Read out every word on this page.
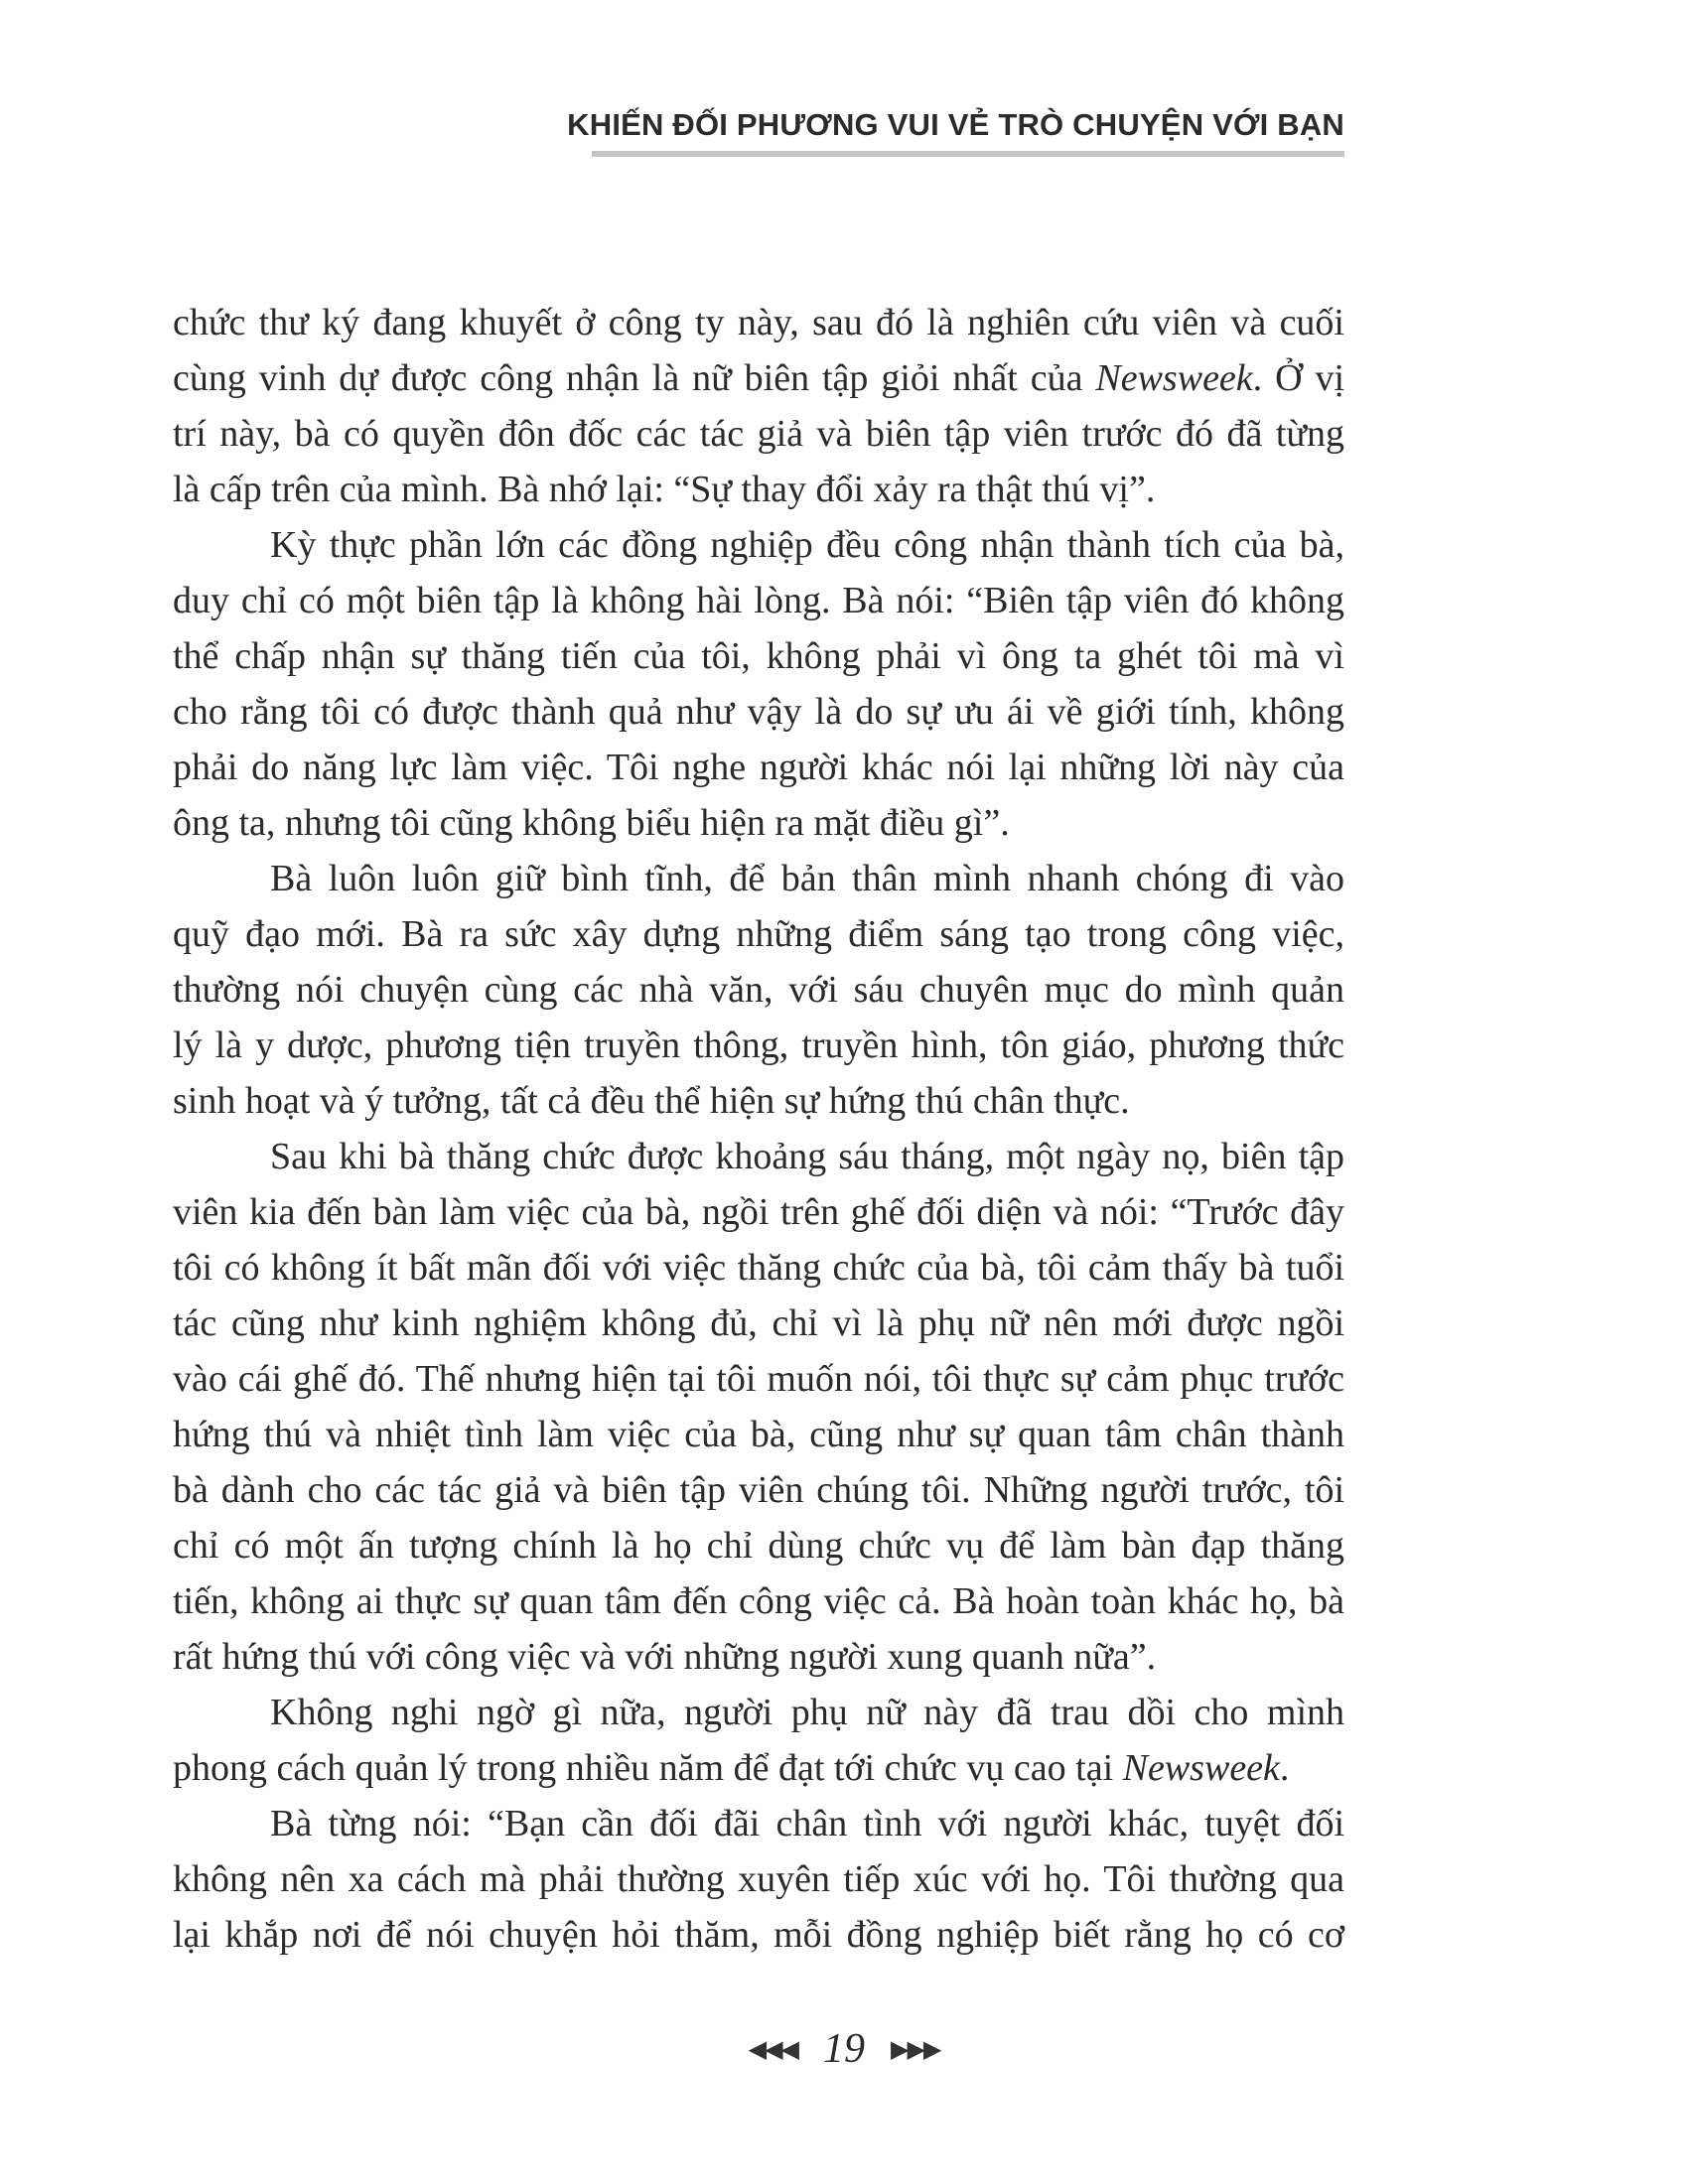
KHIẾN ĐỐI PHƯƠNG VUI VẺ TRÒ CHUYỆN VỚI BẠN
chức thư ký đang khuyết ở công ty này, sau đó là nghiên cứu viên và cuối
cùng vinh dự được công nhận là nữ biên tập giỏi nhất của Newsweek. Ở vị
trí này, bà có quyền đôn đốc các tác giả và biên tập viên trước đó đã từng
là cấp trên của mình. Bà nhớ lại: “Sự thay đổi xảy ra thật thú vị”.
Kỳ thực phần lớn các đồng nghiệp đều công nhận thành tích của bà,
duy chỉ có một biên tập là không hài lòng. Bà nói: “Biên tập viên đó không
thể chấp nhận sự thăng tiến của tôi, không phải vì ông ta ghét tôi mà vì
cho rằng tôi có được thành quả như vậy là do sự ưu ái về giới tính, không
phải do năng lực làm việc. Tôi nghe người khác nói lại những lời này của
ông ta, nhưng tôi cũng không biểu hiện ra mặt điều gì”.
Bà luôn luôn giữ bình tĩnh, để bản thân mình nhanh chóng đi vào
quỹ đạo mới. Bà ra sức xây dựng những điểm sáng tạo trong công việc,
thường nói chuyện cùng các nhà văn, với sáu chuyên mục do mình quản
lý là y dược, phương tiện truyền thông, truyền hình, tôn giáo, phương thức
sinh hoạt và ý tưởng, tất cả đều thể hiện sự hứng thú chân thực.
Sau khi bà thăng chức được khoảng sáu tháng, một ngày nọ, biên tập
viên kia đến bàn làm việc của bà, ngồi trên ghế đối diện và nói: “Trước đây
tôi có không ít bất mãn đối với việc thăng chức của bà, tôi cảm thấy bà tuổi
tác cũng như kinh nghiệm không đủ, chỉ vì là phụ nữ nên mới được ngồi
vào cái ghế đó. Thế nhưng hiện tại tôi muốn nói, tôi thực sự cảm phục trước
hứng thú và nhiệt tình làm việc của bà, cũng như sự quan tâm chân thành
bà dành cho các tác giả và biên tập viên chúng tôi. Những người trước, tôi
chỉ có một ấn tượng chính là họ chỉ dùng chức vụ để làm bàn đạp thăng
tiến, không ai thực sự quan tâm đến công việc cả. Bà hoàn toàn khác họ, bà
rất hứng thú với công việc và với những người xung quanh nữa”.
Không nghi ngờ gì nữa, người phụ nữ này đã trau dồi cho mình
phong cách quản lý trong nhiều năm để đạt tới chức vụ cao tại Newsweek.
Bà từng nói: “Bạn cần đối đãi chân tình với người khác, tuyệt đối
không nên xa cách mà phải thường xuyên tiếp xúc với họ. Tôi thường qua
lại khắp nơi để nói chuyện hỏi thăm, mỗi đồng nghiệp biết rằng họ có cơ
◀◀◀ 19 ▶▶▶
